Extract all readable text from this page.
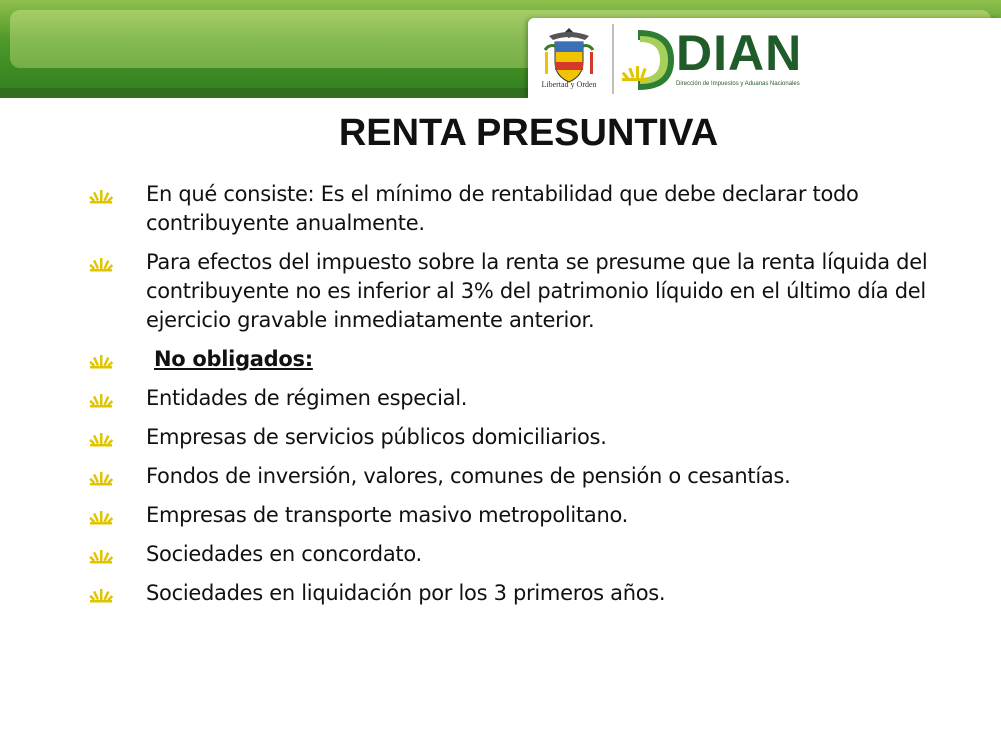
Libertad y Orden
DIAN
Dirección de Impuestos y Aduanas Nacionales
RENTA PRESUNTIVA
En qué consiste: Es el mínimo de rentabilidad que debe declarar todo contribuyente anualmente.
Para efectos del impuesto sobre la renta se presume que la renta líquida del contribuyente no es inferior al 3% del patrimonio líquido en el último día del ejercicio gravable inmediatamente anterior.
No obligados:
Entidades de régimen especial.
Empresas de servicios públicos domiciliarios.
Fondos de inversión, valores, comunes de pensión o cesantías.
Empresas de transporte masivo metropolitano.
Sociedades en concordato.
Sociedades en liquidación por los 3 primeros años.
